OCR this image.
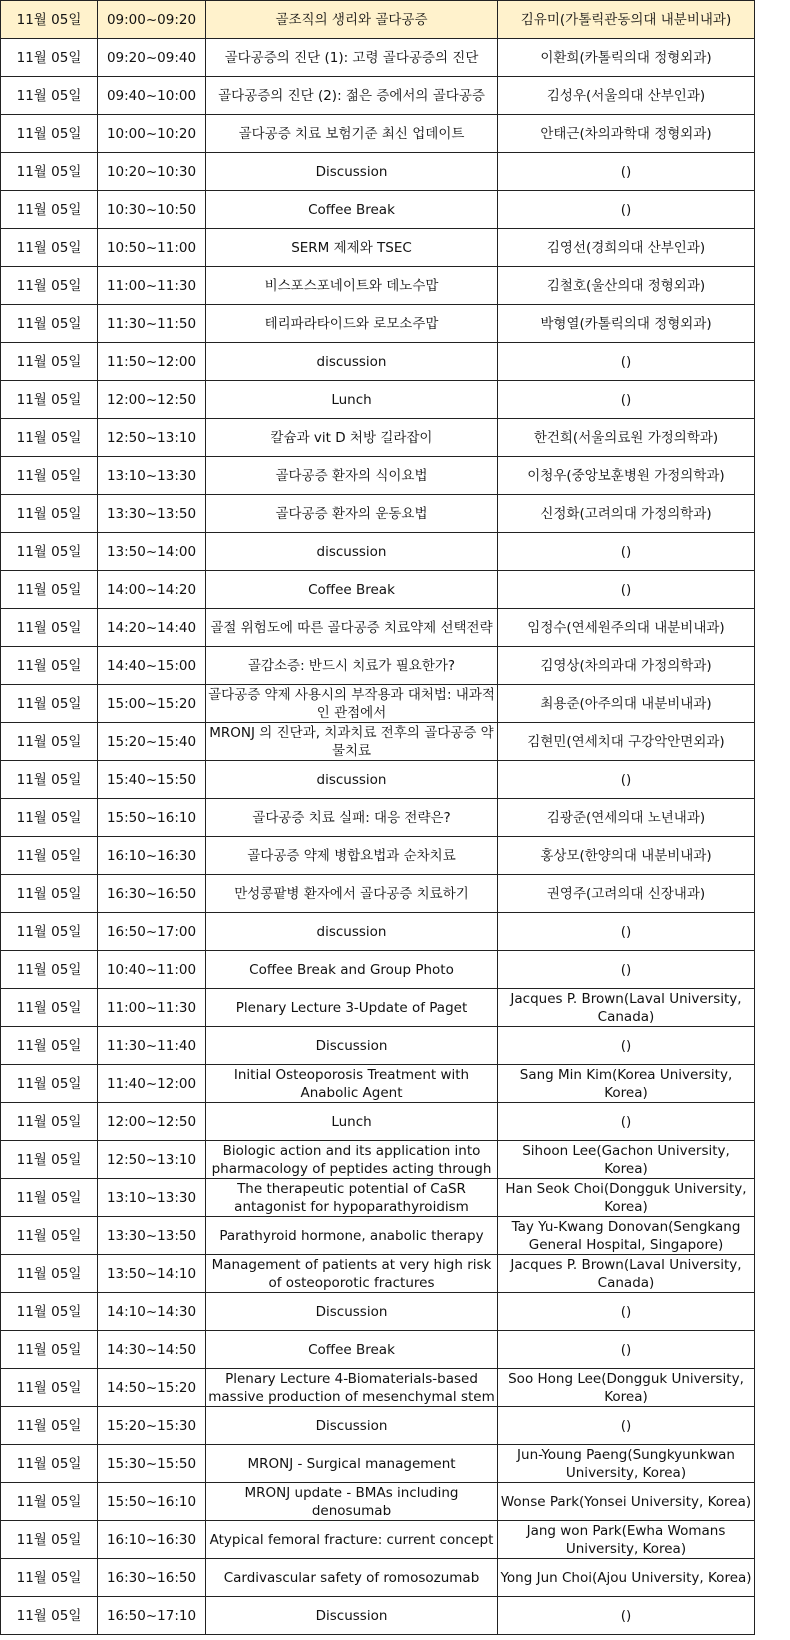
11월 05일	09:00~09:20	골조직의 생리와 골다공증	김유미(가톨릭관동의대 내분비내과)

11월 05일	09:20~09:40	골다공증의 진단 (1): 고령 골다공증의 진단	이환희(카톨릭의대 정형외과)

11월 05일	09:40~10:00	골다공증의 진단 (2): 젊은 증에서의 골다공증	김성우(서울의대 산부인과)

11월 05일	10:00~10:20	골다공증 치료 보험기준 최신 업데이트	안태근(차의과학대 정형외과)

11월 05일	10:20~10:30	Discussion	()

11월 05일	10:30~10:50	Coffee Break	()

11월 05일	10:50~11:00	SERM 제제와 TSEC	김영선(경희의대 산부인과)

11월 05일	11:00~11:30	비스포스포네이트와 데노수맙	김철호(울산의대 정형외과)

11월 05일	11:30~11:50	테리파라타이드와 로모소주맙	박형열(카톨릭의대 정형외과)

11월 05일	11:50~12:00	discussion	()

11월 05일	12:00~12:50	Lunch	()

11월 05일	12:50~13:10	칼슘과 vit D 처방 길라잡이	한건희(서울의료원 가정의학과)

11월 05일	13:10~13:30	골다공증 환자의 식이요법	이청우(중앙보훈병원 가정의학과)

11월 05일	13:30~13:50	골다공증 환자의 운동요법	신정화(고려의대 가정의학과)

11월 05일	13:50~14:00	discussion	()

11월 05일	14:00~14:20	Coffee Break	()

11월 05일	14:20~14:40	골절 위험도에 따른 골다공증 치료약제 선택전략	임정수(연세원주의대 내분비내과)

11월 05일	14:40~15:00	골감소증: 반드시 치료가 필요한가?	김영상(차의과대 가정의학과)

11월 05일	15:00~15:20	골다공증 약제 사용시의 부작용과 대처법: 내과적인 관점에서	최용준(아주의대 내분비내과)

11월 05일	15:20~15:40	MRONJ 의 진단과, 치과치료 전후의 골다공증 약물치료	김현민(연세치대 구강악안면외과)

11월 05일	15:40~15:50	discussion	()

11월 05일	15:50~16:10	골다공증 치료 실패: 대응 전략은?	김광준(연세의대 노년내과)

11월 05일	16:10~16:30	골다공증 약제 병합요법과 순차치료	홍상모(한양의대 내분비내과)

11월 05일	16:30~16:50	만성콩팥병 환자에서 골다공증 치료하기	권영주(고려의대 신장내과)

11월 05일	16:50~17:00	discussion	()

11월 05일	10:40~11:00	Coffee Break and Group Photo	()

11월 05일	11:00~11:30	Plenary Lecture 3-Update of Paget	Jacques P. Brown(Laval University, Canada)

11월 05일	11:30~11:40	Discussion	()

11월 05일	11:40~12:00	Initial Osteoporosis Treatment with Anabolic Agent	Sang Min Kim(Korea University, Korea)

11월 05일	12:00~12:50	Lunch	()

11월 05일	12:50~13:10	Biologic action and its application into pharmacology of peptides acting through	Sihoon Lee(Gachon University, Korea)

11월 05일	13:10~13:30	The therapeutic potential of CaSR antagonist for hypoparathyroidism	Han Seok Choi(Dongguk University, Korea)

11월 05일	13:30~13:50	Parathyroid hormone, anabolic therapy	Tay Yu-Kwang Donovan(Sengkang General Hospital, Singapore)

11월 05일	13:50~14:10	Management of patients at very high risk of osteoporotic fractures	Jacques P. Brown(Laval University, Canada)

11월 05일	14:10~14:30	Discussion	()

11월 05일	14:30~14:50	Coffee Break	()

11월 05일	14:50~15:20	Plenary Lecture 4-Biomaterials-based massive production of mesenchymal stem	Soo Hong Lee(Dongguk University, Korea)

11월 05일	15:20~15:30	Discussion	()

11월 05일	15:30~15:50	MRONJ - Surgical management	Jun-Young Paeng(Sungkyunkwan University, Korea)

11월 05일	15:50~16:10	MRONJ update - BMAs including denosumab	Wonse Park(Yonsei University, Korea)

11월 05일	16:10~16:30	Atypical femoral fracture: current concept	Jang won Park(Ewha Womans University, Korea)

11월 05일	16:30~16:50	Cardivascular safety of romosozumab	Yong Jun Choi(Ajou University, Korea)

11월 05일	16:50~17:10	Discussion	()
